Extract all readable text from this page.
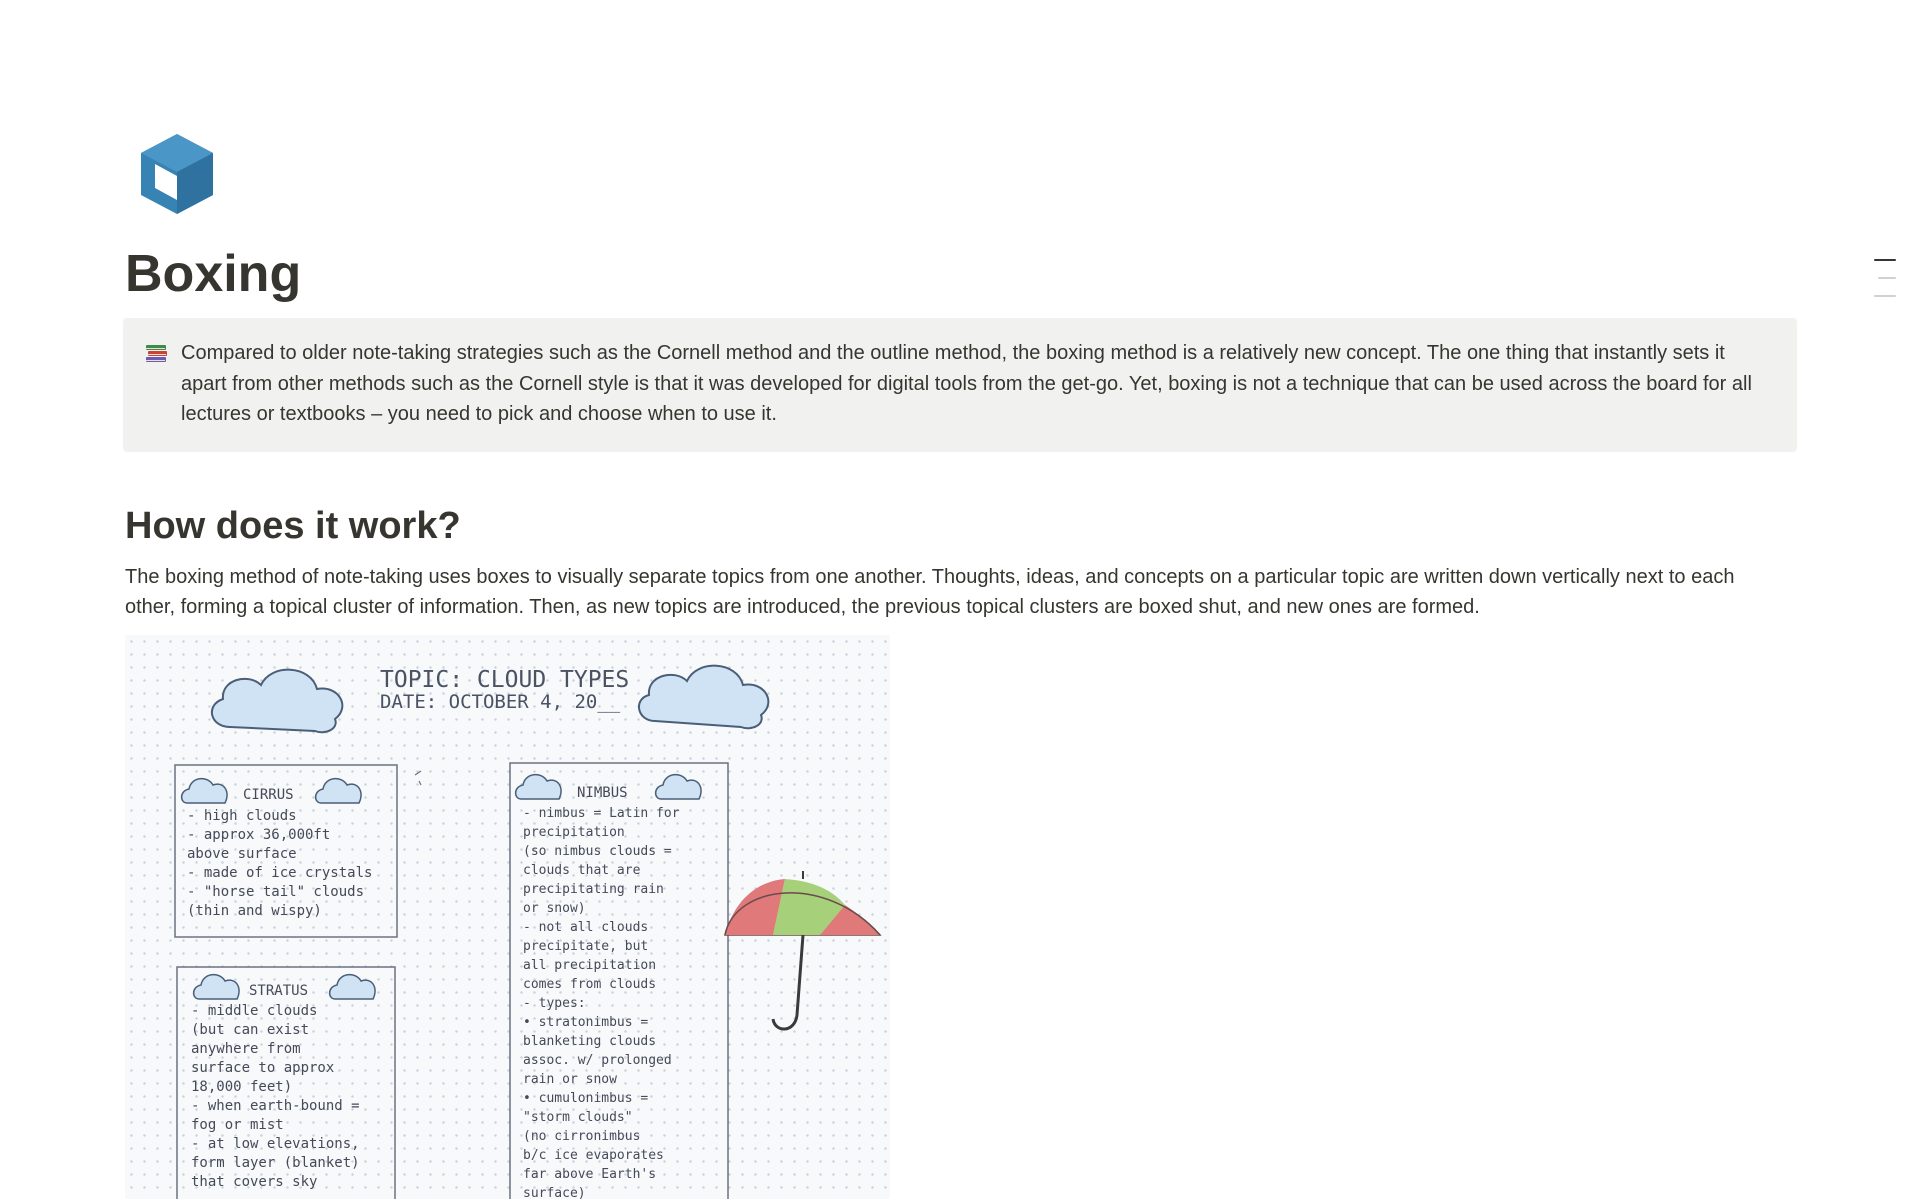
Boxing
Compared to older note-taking strategies such as the Cornell method and the outline method, the boxing method is a relatively new concept. The one thing that instantly sets it apart from other methods such as the Cornell style is that it was developed for digital tools from the get-go. Yet, boxing is not a technique that can be used across the board for all lectures or textbooks – you need to pick and choose when to use it.
How does it work?

The boxing method of note-taking uses boxes to visually separate topics from one another. Thoughts, ideas, and concepts on a particular topic are written down vertically next to each other, forming a topical cluster of information. Then, as new topics are introduced, the previous topical clusters are boxed shut, and new ones are formed.

TOPIC: CLOUD TYPES
DATE: OCTOBER 4, 20__
CIRRUS
- high clouds
- approx 36,000ft
above surface
- made of ice crystals
- "horse tail" clouds
(thin and wispy)
STRATUS
- middle clouds
(but can exist
anywhere from
surface to approx
18,000 feet)
- when earth-bound =
fog or mist
- at low elevations,
form layer (blanket)
that covers sky
NIMBUS
- nimbus = Latin for
precipitation
(so nimbus clouds =
clouds that are
precipitating rain
or snow)
- not all clouds
precipitate, but
all precipitation
comes from clouds
- types:
• stratonimbus =
blanketing clouds
assoc. w/ prolonged
rain or snow
• cumulonimbus =
"storm clouds"
(no cirronimbus
b/c ice evaporates
far above Earth's
surface)
